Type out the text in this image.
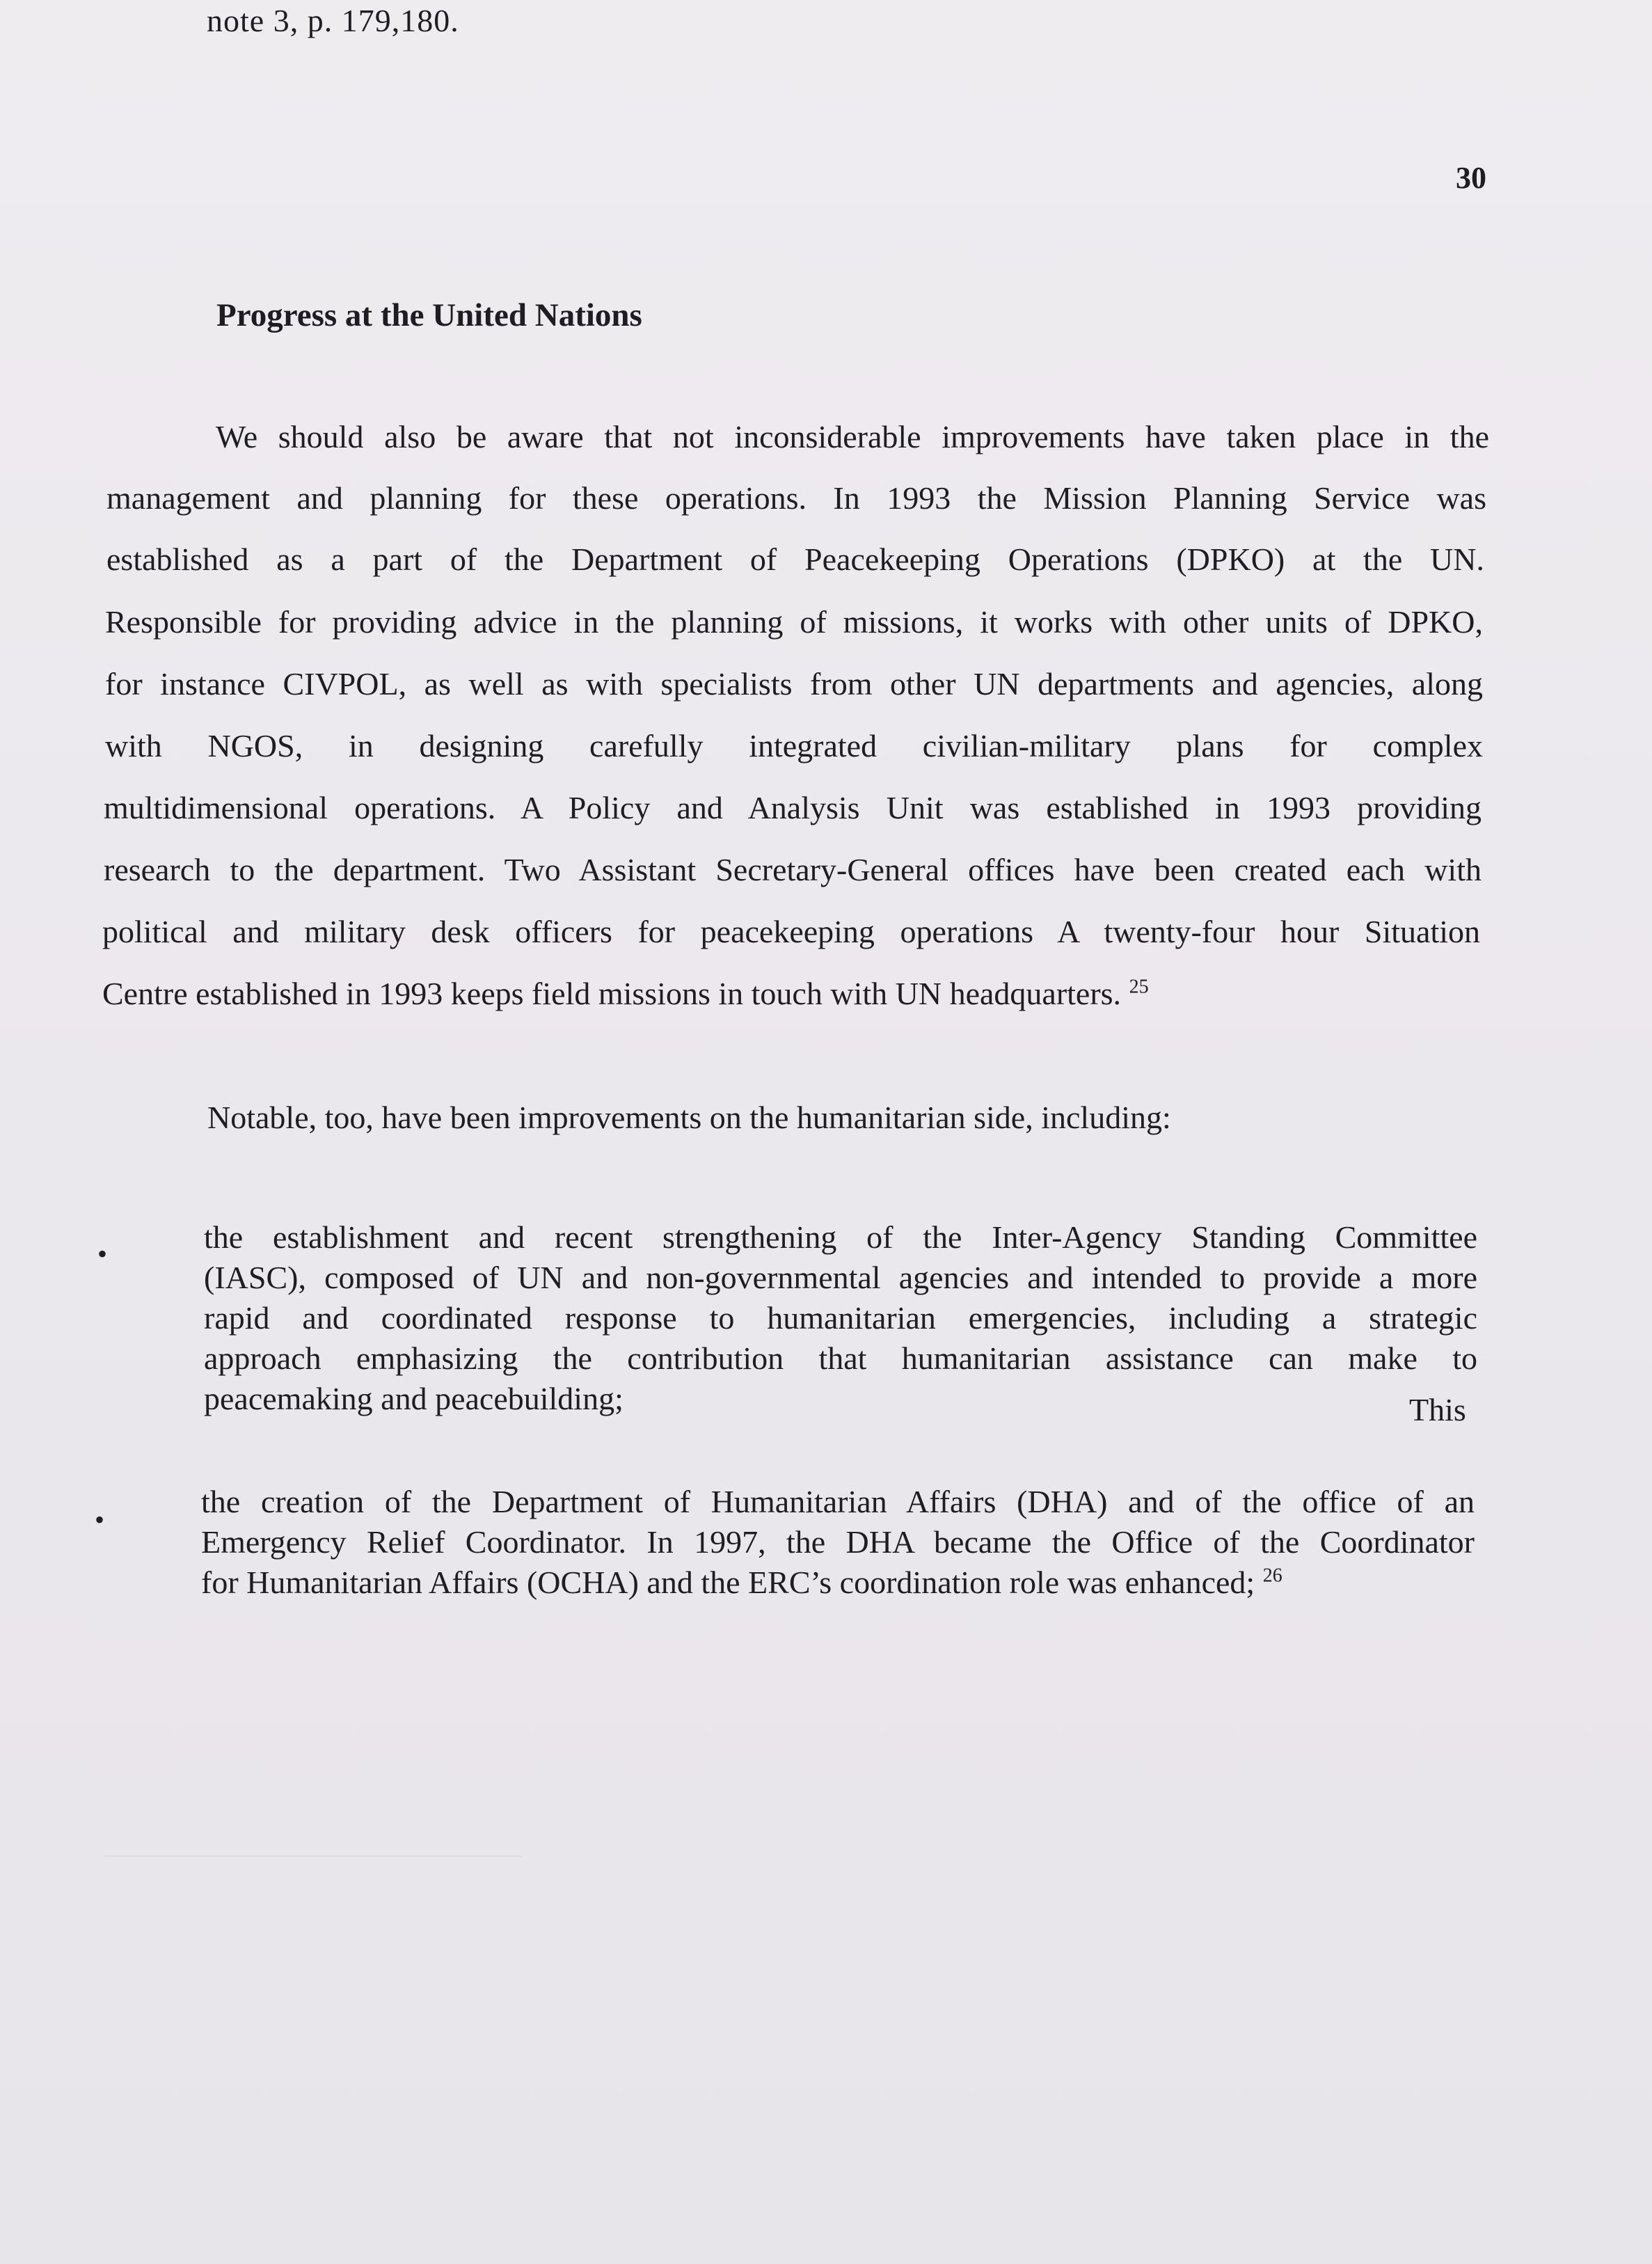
note 3, p. 179,180.
30
Progress at the United Nations
We should also be aware that not inconsiderable improvements have taken place in the
management and planning for these operations. In 1993 the Mission Planning Service was
established as a part of the Department of Peacekeeping Operations (DPKO) at the UN.
Responsible for providing advice in the planning of missions, it works with other units of DPKO,
for instance CIVPOL, as well as with specialists from other UN departments and agencies, along
with NGOS, in designing carefully integrated civilian-military plans for complex
multidimensional operations. A Policy and Analysis Unit was established in 1993 providing
research to the department. Two Assistant Secretary-General offices have been created each with
political and military desk officers for peacekeeping operations A twenty-four hour Situation
Centre established in 1993 keeps field missions in touch with UN headquarters. $^{25}$
Notable, too, have been improvements on the humanitarian side, including:
•	the establishment and recent strengthening of the Inter-Agency Standing Committee
(IASC), composed of UN and non-governmental agencies and intended to provide a more
rapid and coordinated response to humanitarian emergencies, including a strategic
approach emphasizing the contribution that humanitarian assistance can make to
peacemaking and peacebuilding;	This
•
the creation of the Department of Humanitarian Affairs (DHA) and of the office of an
Emergency Relief Coordinator. In 1997, the DHA became the Office of the Coordinator
for Humanitarian Affairs (OCHA) and the ERC’s coordination role was enhanced; $^{26}$
